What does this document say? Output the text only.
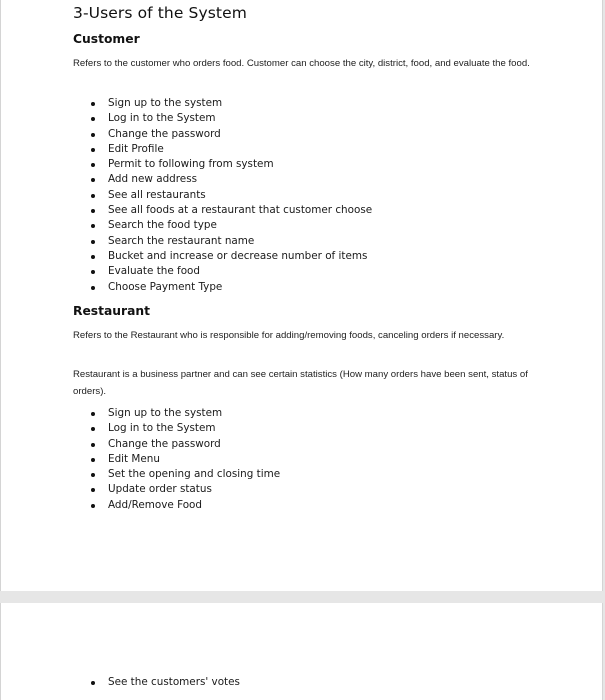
3-Users of the System
Customer

Refers to the customer who orders food. Customer can choose the city, district, food, and evaluate the food.

Sign up to the system
Log in to the System
Change the password
Edit Profile
Permit to following from system
Add new address
See all restaurants
See all foods at a restaurant that customer choose
Search the food type
Search the restaurant name
Bucket and increase or decrease number of items
Evaluate the food
Choose Payment Type
Restaurant

Refers to the Restaurant who is responsible for adding/removing foods, canceling orders if necessary.

Restaurant is a business partner and can see certain statistics (How many orders have been sent, status of orders).

Sign up to the system
Log in to the System
Change the password
Edit Menu
Set the opening and closing time
Update order status
Add/Remove Food
See the customers' votes
